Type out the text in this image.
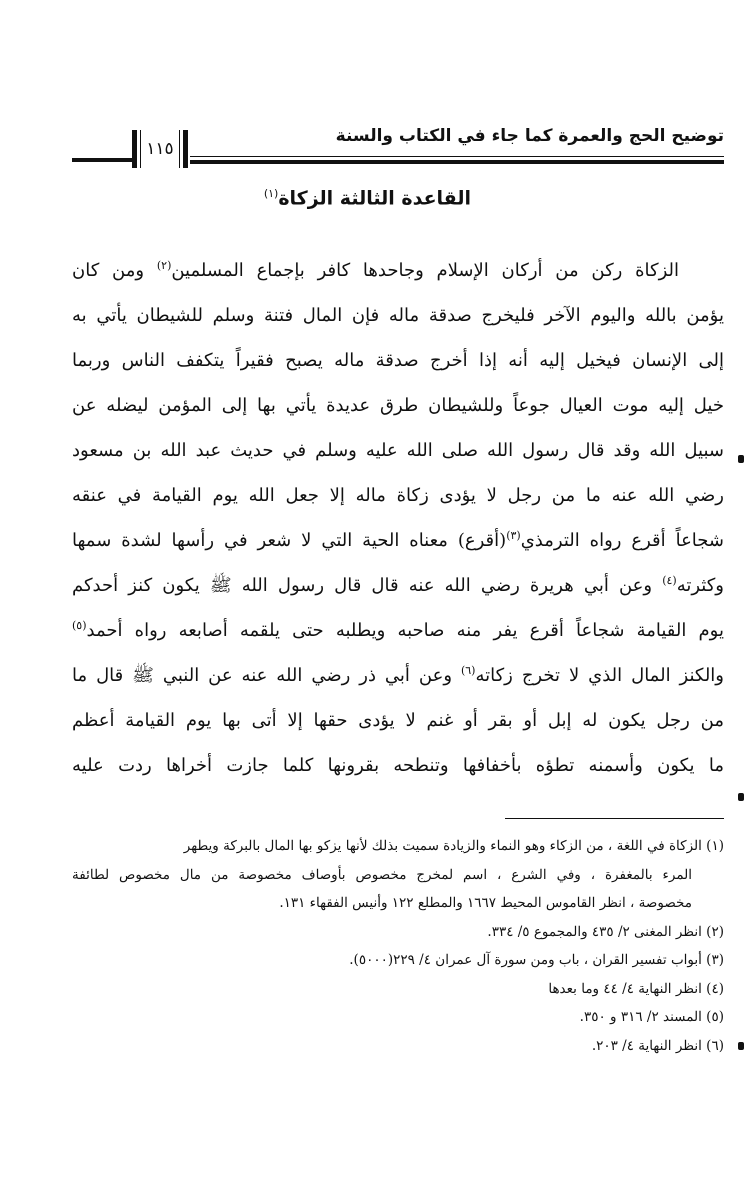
توضيح الحج والعمرة كما جاء في الكتاب والسنة
١١٥
القاعدة الثالثة الزكاة$^{(١)}$
الزكاة ركن من أركان الإسلام وجاحدها كافر بإجماع المسلمين$^{(٢)}$ ومن كان
يؤمن بالله واليوم الآخر فليخرج صدقة ماله فإن المال فتنة وسلم للشيطان يأتي به
إلى الإنسان فيخيل إليه أنه إذا أخرج صدقة ماله يصبح فقيراً يتكفف الناس وربما
خيل إليه موت العيال جوعاً وللشيطان طرق عديدة يأتي بها إلى المؤمن ليضله عن
سبيل الله وقد قال رسول الله صلى الله عليه وسلم في حديث عبد الله بن مسعود
رضي الله عنه ما من رجل لا يؤدى زكاة ماله إلا جعل الله يوم القيامة في عنقه
شجاعاً أقرع رواه الترمذي$^{(٣)}$(أقرع) معناه الحية التي لا شعر في رأسها لشدة سمها
وكثرته$^{(٤)}$ وعن أبي هريرة رضي الله عنه قال قال رسول الله ﷺ يكون كنز أحدكم
يوم القيامة شجاعاً أقرع يفر منه صاحبه ويطلبه حتى يلقمه أصابعه رواه أحمد$^{(٥)}$
والكنز المال الذي لا تخرج زكاته$^{(٦)}$ وعن أبي ذر رضي الله عنه عن النبي ﷺ قال ما
من رجل يكون له إبل أو بقر أو غنم لا يؤدى حقها إلا أتى بها يوم القيامة أعظم
ما يكون وأسمنه تطؤه بأخفافها وتنطحه بقرونها كلما جازت أخراها ردت عليه
(١) الزكاة في اللغة ، من الزكاء وهو النماء والزيادة سميت بذلك لأنها يزكو بها المال بالبركة ويطهر
المرء بالمغفرة ، وفي الشرع ، اسم لمخرج مخصوص بأوصاف مخصوصة من مال مخصوص لطائفة
مخصوصة ، انظر القاموس المحيط ١٦٦٧ والمطلع ١٢٢ وأنيس الفقهاء ١٣١.
(٢) انظر المغنى ٢/ ٤٣٥ والمجموع ٥/ ٣٣٤.
(٣) أبواب تفسير القران ، باب ومن سورة آل عمران ٤/ ٢٢٩(٥٠٠٠).
(٤) انظر النهاية ٤/ ٤٤ وما بعدها
(٥) المسند ٢/ ٣١٦ و ٣٥٠.
(٦) انظر النهاية ٤/ ٢٠٣.
